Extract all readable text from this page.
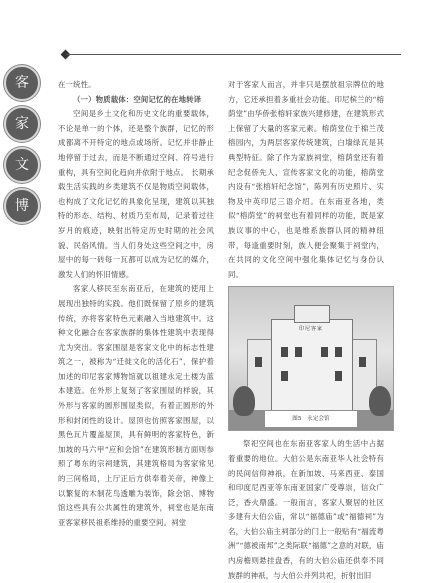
客
家
文
博

在一统性。

（一）物质载体：空间记忆的在地转译

空间是乡土文化和历史文化的重要载体，不论是单一的个体，还是整个族群，记忆的形成都离不开特定的地点或场所。记忆并非静止地停留于过去，而是不断通过空间、符号进行重构，具有空间化趋向并依附于地点。 长期承载生活实践的乡类建筑不仅是物质空间载体，也构成了文化记忆的具象化呈现，建筑以其独特的形态、结构、材质乃至布局，记录着过往岁月的痕迹，映射出特定历史时期的社会风貌、民俗风情。当人们身处这些空间之中，房屋中的每一砖每一瓦都可以成为记忆的媒介，激发人们的怀旧情感。

客家人移民至东南亚后，在建筑的使用上展现出独特的实践。他们既保留了原乡的建筑传统，亦将客家特色元素融入当地建筑中。这种文化融合在客家族群的集体性建筑中表现得尤为突出。客家围屋是客家文化中的标志性建筑之一，被称为“迁徙文化的活化石”，保护着加述的印尼客家博物馆就以祖建永定土楼为蓝本建造。在外形上复刻了客家围屋的样貌，其外形与客家的圆形围屋类似，有着正圆形的外形和封闭性的设计。屋顶也仿照客家围屋，以黑色瓦片覆盖屋顶，具有鲜明的客家特色，新加坡的马六甲“应和会馆”在建筑形制方面则参照了粤东的宗祠建筑，其建筑格局为客家常见的三间格局，上厅正后方供奉着关帝，神像上以繁复的木制花鸟透雕为装饰，除会馆、博物馆这些具有公共属性的建筑外，祠堂也是东南亚客家移民祖系维持的重要空间。祠堂

对于客家人而言，并非只是摆放祖宗牌位的地方，它还承担着多重社会功能。印尼槟兰的“榕荫堂”由华侨张榕轩家族兴建修建，在建筑形式上保留了大量的客家元素。榕荫堂位于棉兰茂榕园内，为两层客家传统建筑，白墙绿瓦是其典型特征。除了作为家族祠堂，榕荫堂还有着纪念促侨先人、宣传客家文化的功能，榕荫堂内设有“张榕轩纪念馆”，陈列有历史照片、实物及中英印尼三语介绍。在东南亚各地，类似“榕荫堂”的祠堂也有着同样的功能，既是家族议事的中心，也是维系族群认同的精神纽带，每逢重要时刻，族人便会聚集于祠堂内，在共同的文化空间中强化集体记忆与身份认同。

印尼客家
图5　永定会馆

祭祀空间也在东南亚客家人的生活中占据着重要的地位。大伯公是东南亚华人社会特有的民间信仰神祇，在新加坡、马来西亚、泰国和印度尼西亚等东南亚国家广受尊崇，信众广泛，香火鼎盛。一般而言，客家人聚居的社区多建有大伯公庙，常以“福德庙”或“福德祠”为名，大伯公庙主祠部分的门上一般贴有“福流粤洲”“德被南邦”之类际联“福德”之意的对联，庙内房檐则悬挂盘香，有的大伯公庙还供奉不同族群的神祇，与大伯公并列共祀，折射出旧
